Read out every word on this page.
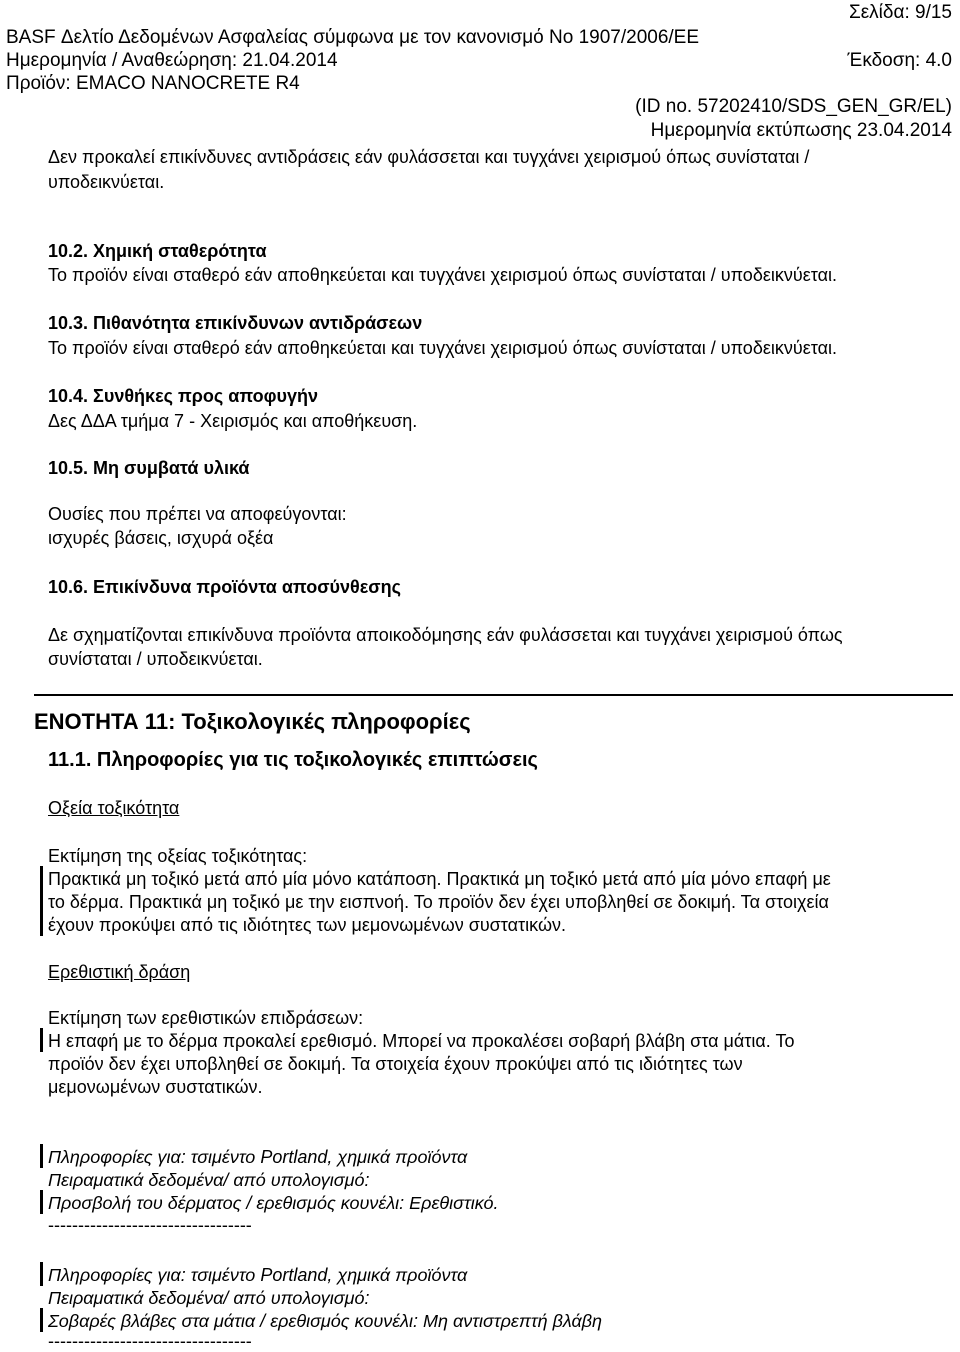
Σελίδα: 9/15
BASF Δελτίο Δεδομένων Ασφαλείας σύμφωνα με τον κανονισμό Νο 1907/2006/ΕΕ
Ημερομηνία / Αναθεώρηση: 21.04.2014	Έκδοση: 4.0
Προϊόν: EMACO NANOCRETE R4
(ID no. 57202410/SDS_GEN_GR/EL)
Ημερομηνία εκτύπωσης 23.04.2014
Δεν προκαλεί επικίνδυνες αντιδράσεις εάν φυλάσσεται και τυγχάνει χειρισμού όπως συνίσταται /
υποδεικνύεται.
10.2. Χημική σταθερότητα
Το προϊόν είναι σταθερό εάν αποθηκεύεται και τυγχάνει χειρισμού όπως συνίσταται / υποδεικνύεται.
10.3. Πιθανότητα επικίνδυνων αντιδράσεων
Το προϊόν είναι σταθερό εάν αποθηκεύεται και τυγχάνει χειρισμού όπως συνίσταται / υποδεικνύεται.
10.4. Συνθήκες προς αποφυγήν
Δες ΔΔΑ τμήμα 7 - Χειρισμός και αποθήκευση.
10.5. Μη συμβατά υλικά
Ουσίες που πρέπει να αποφεύγονται:
ισχυρές βάσεις, ισχυρά οξέα
10.6. Επικίνδυνα προϊόντα αποσύνθεσης
Δε σχηματίζονται επικίνδυνα προϊόντα αποικοδόμησης εάν φυλάσσεται και τυγχάνει χειρισμού όπως
συνίσταται / υποδεικνύεται.
ΕΝΟΤΗΤΑ 11: Τοξικολογικές πληροφορίες
11.1. Πληροφορίες για τις τοξικολογικές επιπτώσεις
Οξεία τοξικότητα
Εκτίμηση της οξείας τοξικότητας:
Πρακτικά μη τοξικό μετά από μία μόνο κατάποση. Πρακτικά μη τοξικό μετά από μία μόνο επαφή με
το δέρμα. Πρακτικά μη τοξικό με την εισπνοή. Το προϊόν δεν έχει υποβληθεί σε δοκιμή. Τα στοιχεία
έχουν προκύψει από τις ιδιότητες των μεμονωμένων συστατικών.
Ερεθιστική δράση
Εκτίμηση των ερεθιστικών επιδράσεων:
Η επαφή με το δέρμα προκαλεί ερεθισμό. Μπορεί να προκαλέσει σοβαρή βλάβη στα μάτια. Το
προϊόν δεν έχει υποβληθεί σε δοκιμή. Τα στοιχεία έχουν προκύψει από τις ιδιότητες των
μεμονωμένων συστατικών.
Πληροφορίες για: τσιμέντο Portland, χημικά προϊόντα
Πειραματικά δεδομένα/ από υπολογισμό:
Προσβολή του δέρματος / ερεθισμός κουνέλι: Ερεθιστικό.
----------------------------------
Πληροφορίες για: τσιμέντο Portland, χημικά προϊόντα
Πειραματικά δεδομένα/ από υπολογισμό:
Σοβαρές βλάβες στα μάτια / ερεθισμός κουνέλι: Μη αντιστρεπτή βλάβη
----------------------------------
